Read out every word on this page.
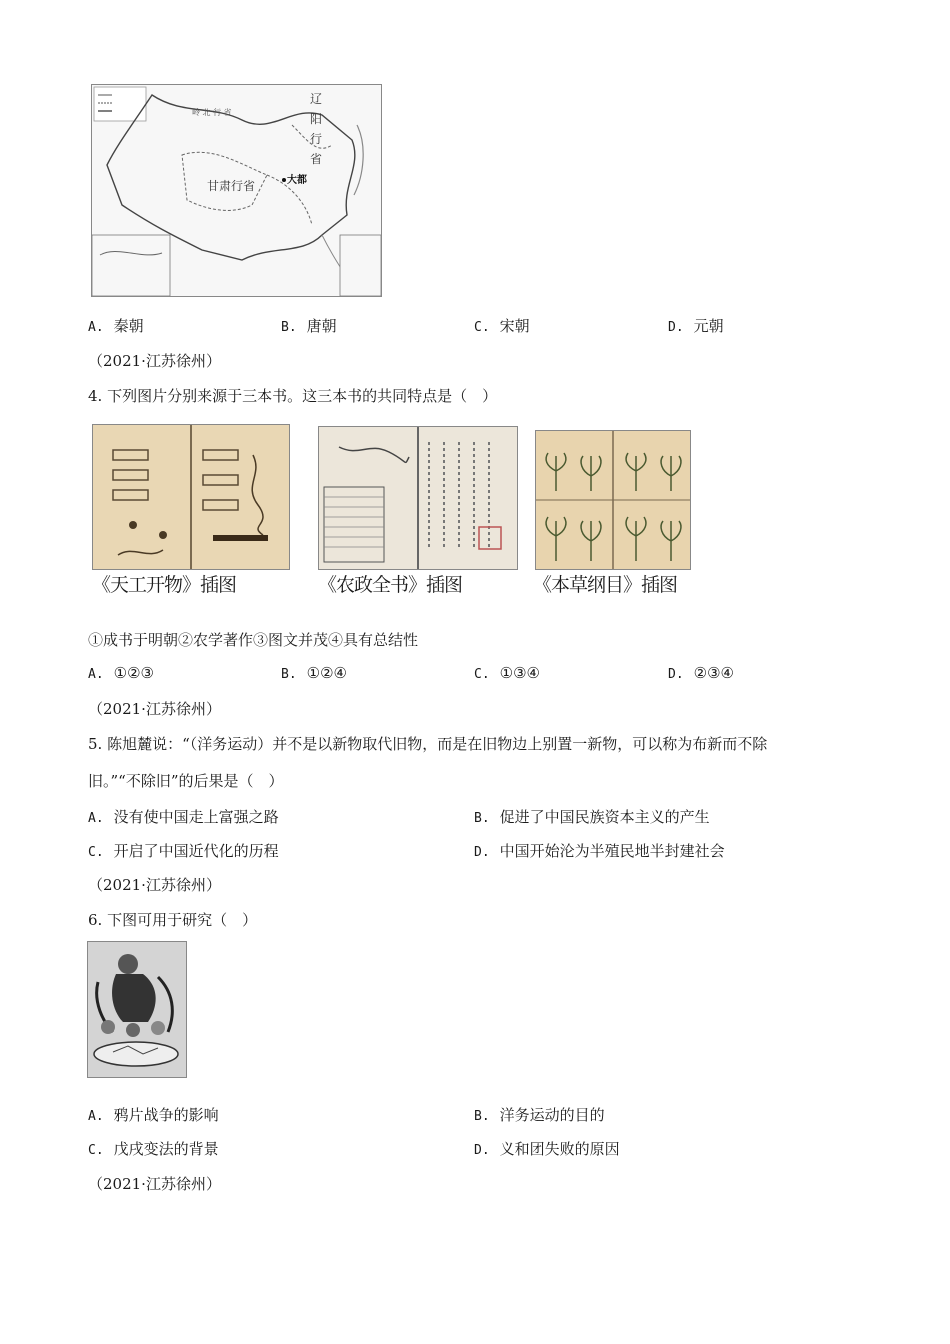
辽
阳
行
省
甘肃行省	大都
岭 北 行 省
A. 秦朝	B. 唐朝	C. 宋朝	D. 元朝
（2021·江苏徐州）
4. 下列图片分别来源于三本书。这三本书的共同特点是（　）
《天工开物》插图	《农政全书》插图	《本草纲目》插图
①成书于明朝②农学著作③图文并茂④具有总结性
A. ①②③	B. ①②④	C. ①③④	D. ②③④
（2021·江苏徐州）
5. 陈旭麓说：“（洋务运动）并不是以新物取代旧物，而是在旧物边上别置一新物，可以称为布新而不除
旧。”“不除旧”的后果是（　）
A. 没有使中国走上富强之路	B. 促进了中国民族资本主义的产生
C. 开启了中国近代化的历程	D. 中国开始沦为半殖民地半封建社会
（2021·江苏徐州）
6. 下图可用于研究（　）
A. 鸦片战争的影响	B. 洋务运动的目的
C. 戊戌变法的背景	D. 义和团失败的原因
（2021·江苏徐州）
